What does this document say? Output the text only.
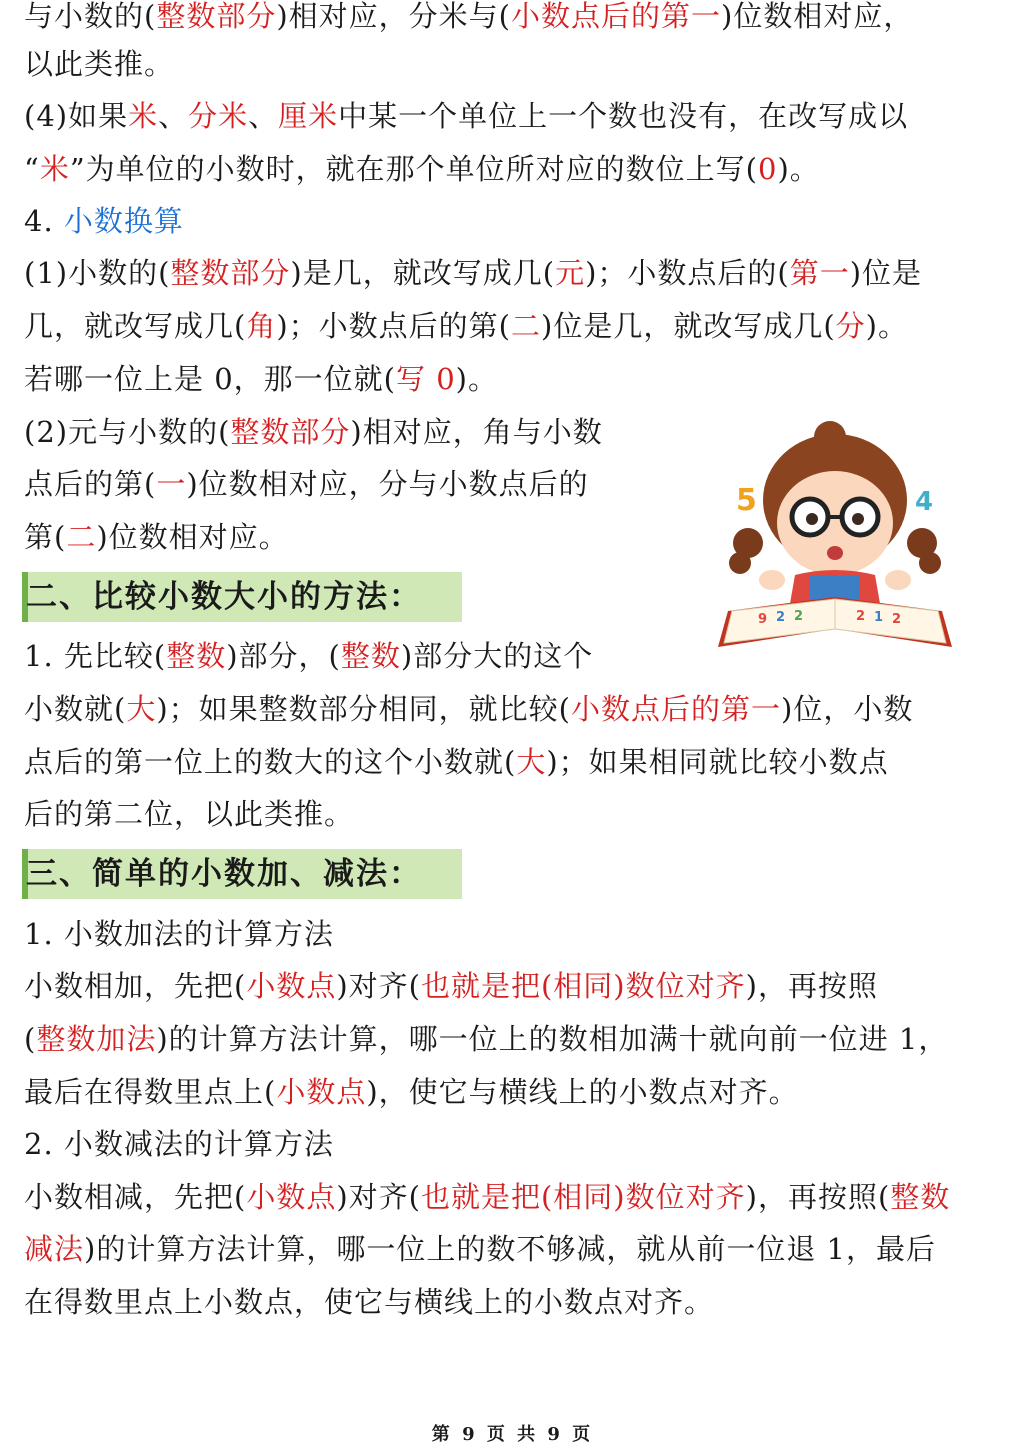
与小数的(整数部分)相对应，分米与(小数点后的第一)位数相对应，
以此类推。
(4)如果米、分米、厘米中某一个单位上一个数也没有，在改写成以
“米”为单位的小数时，就在那个单位所对应的数位上写(0)。
4. 小数换算
(1)小数的(整数部分)是几，就改写成几(元)；小数点后的(第一)位是
几，就改写成几(角)；小数点后的第(二)位是几，就改写成几(分)。
若哪一位上是 0，那一位就(写 0)。
(2)元与小数的(整数部分)相对应，角与小数
点后的第(一)位数相对应，分与小数点后的
第(二)位数相对应。
二、比较小数大小的方法：
1. 先比较(整数)部分，(整数)部分大的这个
小数就(大)；如果整数部分相同，就比较(小数点后的第一)位，小数
点后的第一位上的数大的这个小数就(大)；如果相同就比较小数点
后的第二位，以此类推。
三、简单的小数加、减法：
1. 小数加法的计算方法
小数相加，先把(小数点)对齐(也就是把(相同)数位对齐)，再按照
(整数加法)的计算方法计算，哪一位上的数相加满十就向前一位进 1，
最后在得数里点上(小数点)，使它与横线上的小数点对齐。
2. 小数减法的计算方法
小数相减，先把(小数点)对齐(也就是把(相同)数位对齐)，再按照(整数
减法)的计算方法计算，哪一位上的数不够减，就从前一位退 1，最后
在得数里点上小数点，使它与横线上的小数点对齐。
5	4
9 2 2	2 1 2
第 9 页 共 9 页
